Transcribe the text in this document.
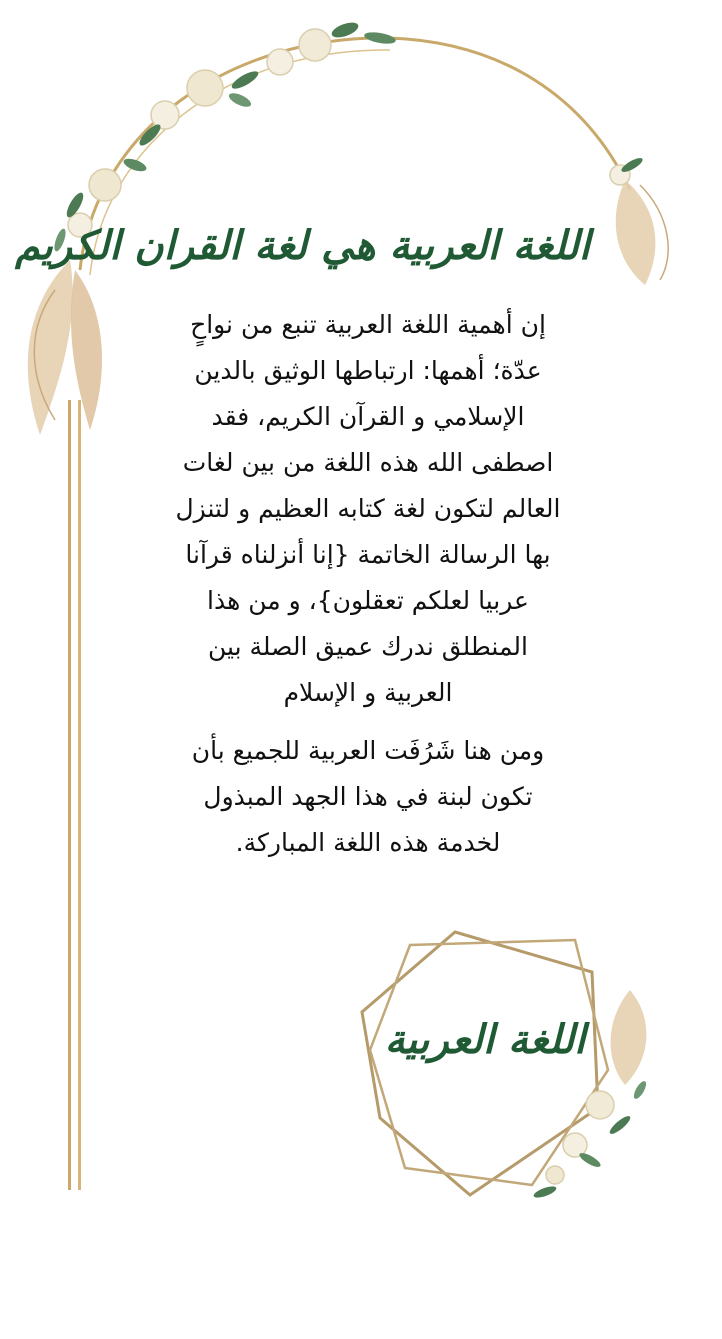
اللغة العربية هي لغة القران الكريم
إن أهمية اللغة العربية تنبع من نواحٍ
عدّة؛ أهمها: ارتباطها الوثيق بالدين
الإسلامي و القرآن الكريم، فقد
اصطفى الله هذه اللغة من بين لغات
العالم لتكون لغة كتابه العظيم و لتنزل
بها الرسالة الخاتمة {إنا أنزلناه قرآنا
عربيا لعلكم تعقلون}، و من هذا
المنطلق ندرك عميق الصلة بين
العربية و الإسلام
ومن هنا شَرُفَت العربية للجميع بأن
تكون لبنة في هذا الجهد المبذول
لخدمة هذه اللغة المباركة.
اللغة العربية
